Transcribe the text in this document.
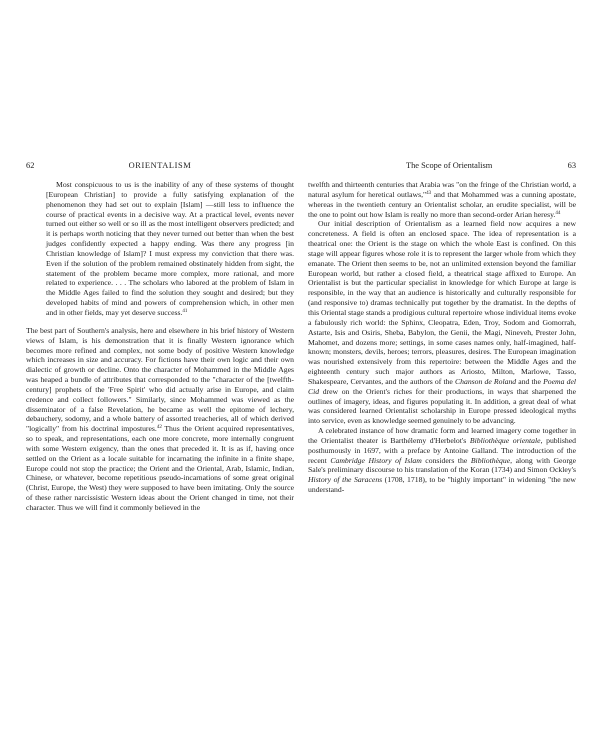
62	ORIENTALISM

Most conspicuous to us is the inability of any of these systems of thought [European Christian] to provide a fully satisfying explanation of the phenomenon they had set out to explain [Islam] —still less to influence the course of practical events in a decisive way. At a practical level, events never turned out either so well or so ill as the most intelligent observers predicted; and it is perhaps worth noticing that they never turned out better than when the best judges confidently expected a happy ending. Was there any progress [in Christian knowledge of Islam]? I must express my conviction that there was. Even if the solution of the problem remained obstinately hidden from sight, the statement of the problem became more complex, more rational, and more related to experience. . . . The scholars who labored at the problem of Islam in the Middle Ages failed to find the solution they sought and desired; but they developed habits of mind and powers of comprehension which, in other men and in other fields, may yet deserve success.$^{41}$

The best part of Southern's analysis, here and elsewhere in his brief history of Western views of Islam, is his demonstration that it is finally Western ignorance which becomes more refined and complex, not some body of positive Western knowledge which increases in size and accuracy. For fictions have their own logic and their own dialectic of growth or decline. Onto the character of Mohammed in the Middle Ages was heaped a bundle of attributes that corresponded to the "character of the [twelfth-century] prophets of the 'Free Spirit' who did actually arise in Europe, and claim credence and collect followers." Similarly, since Mohammed was viewed as the disseminator of a false Revelation, he became as well the epitome of lechery, debauchery, sodomy, and a whole battery of assorted treacheries, all of which derived "logically" from his doctrinal impostures.$^{42}$ Thus the Orient acquired representatives, so to speak, and representations, each one more concrete, more internally congruent with some Western exigency, than the ones that preceded it. It is as if, having once settled on the Orient as a locale suitable for incarnating the infinite in a finite shape, Europe could not stop the practice; the Orient and the Oriental, Arab, Islamic, Indian, Chinese, or whatever, become repetitious pseudo-incarnations of some great original (Christ, Europe, the West) they were supposed to have been imitating. Only the source of these rather narcissistic Western ideas about the Orient changed in time, not their character. Thus we will find it commonly believed in the

The Scope of Orientalism	63

twelfth and thirteenth centuries that Arabia was "on the fringe of the Christian world, a natural asylum for heretical outlaws,"$^{43}$ and that Mohammed was a cunning apostate, whereas in the twentieth century an Orientalist scholar, an erudite specialist, will be the one to point out how Islam is really no more than second-order Arian heresy.$^{44}$

Our initial description of Orientalism as a learned field now acquires a new concreteness. A field is often an enclosed space. The idea of representation is a theatrical one: the Orient is the stage on which the whole East is confined. On this stage will appear figures whose role it is to represent the larger whole from which they emanate. The Orient then seems to be, not an unlimited extension beyond the familiar European world, but rather a closed field, a theatrical stage affixed to Europe. An Orientalist is but the particular specialist in knowledge for which Europe at large is responsible, in the way that an audience is historically and culturally responsible for (and responsive to) dramas technically put together by the dramatist. In the depths of this Oriental stage stands a prodigious cultural repertoire whose individual items evoke a fabulously rich world: the Sphinx, Cleopatra, Eden, Troy, Sodom and Gomorrah, Astarte, Isis and Osiris, Sheba, Babylon, the Genii, the Magi, Nineveh, Prester John, Mahomet, and dozens more; settings, in some cases names only, half-imagined, half-known; monsters, devils, heroes; terrors, pleasures, desires. The European imagination was nourished extensively from this repertoire: between the Middle Ages and the eighteenth century such major authors as Ariosto, Milton, Marlowe, Tasso, Shakespeare, Cervantes, and the authors of the Chanson de Roland and the Poema del Cid drew on the Orient's riches for their productions, in ways that sharpened the outlines of imagery, ideas, and figures populating it. In addition, a great deal of what was considered learned Orientalist scholarship in Europe pressed ideological myths into service, even as knowledge seemed genuinely to be advancing.

A celebrated instance of how dramatic form and learned imagery come together in the Orientalist theater is Barthélemy d'Herbelot's Bibliothèque orientale, published posthumously in 1697, with a preface by Antoine Galland. The introduction of the recent Cambridge History of Islam considers the Bibliothèque, along with George Sale's preliminary discourse to his translation of the Koran (1734) and Simon Ockley's History of the Saracens (1708, 1718), to be "highly important" in widening "the new understand-
